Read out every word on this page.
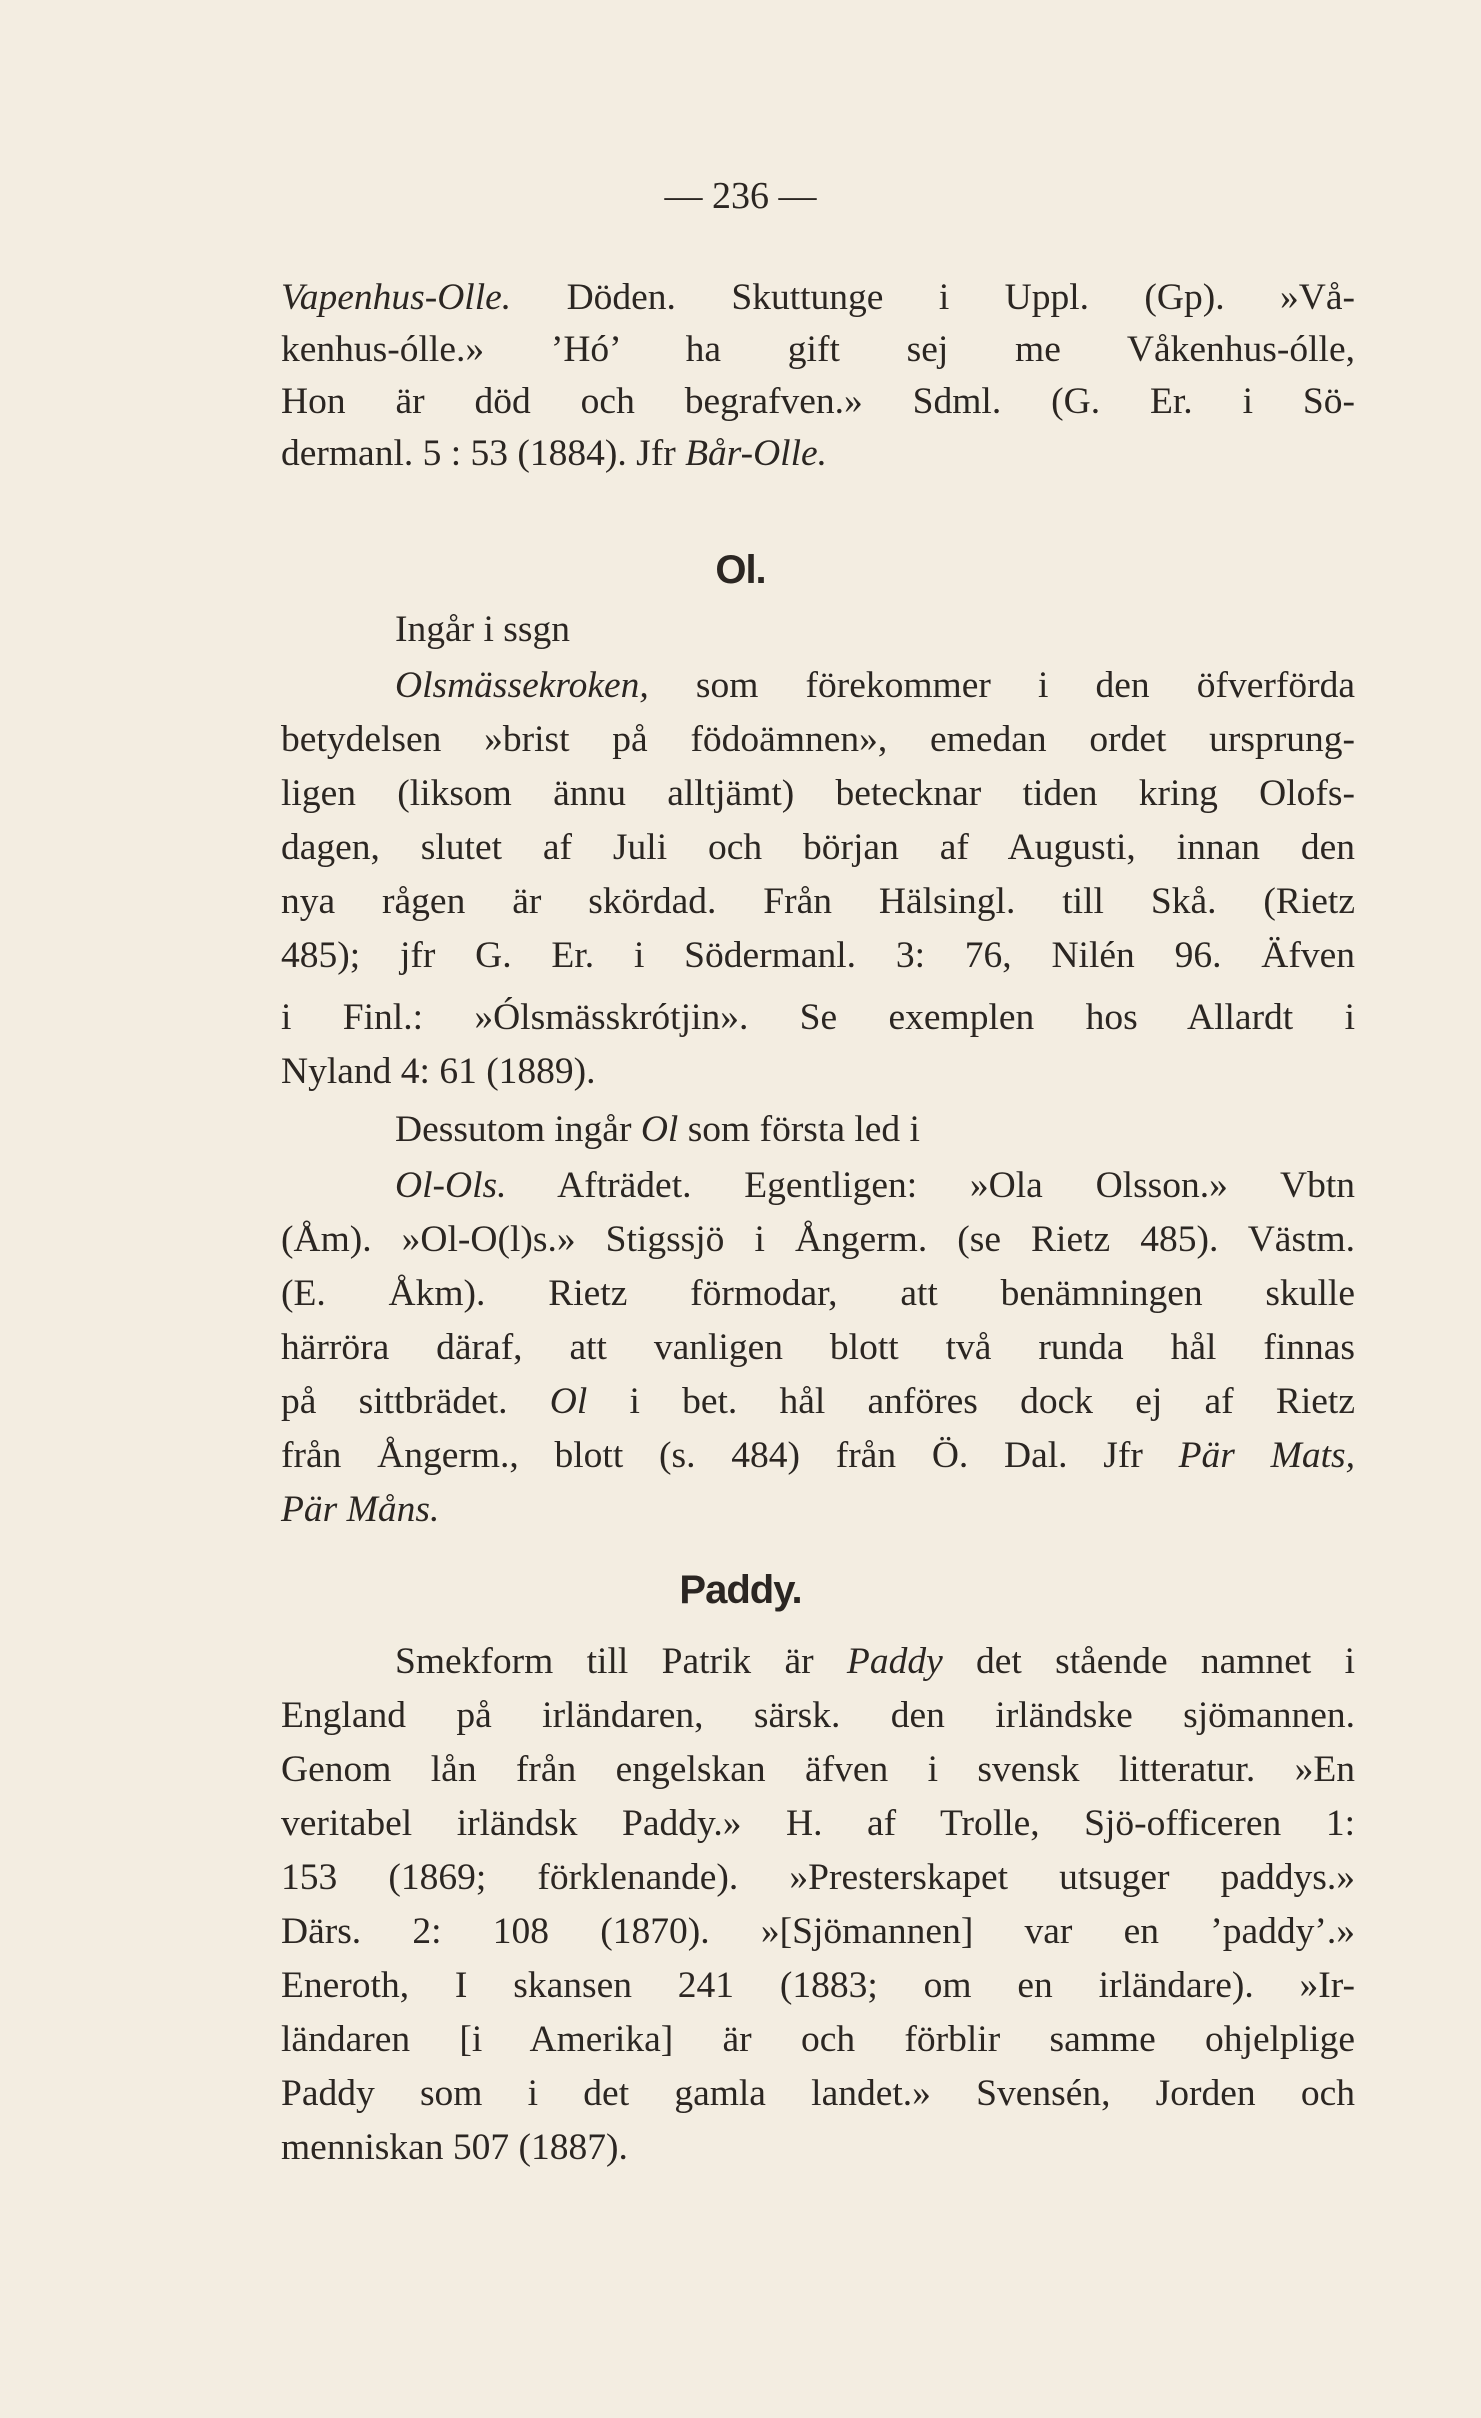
— 236 —
Vapenhus-Olle. Döden. Skuttunge i Uppl. (Gp). »Vå-
kenhus-ólle.» ’Hó’ ha gift sej me Våkenhus-ólle,
Hon är död och begrafven.» Sdml. (G. Er. i Sö-
dermanl. 5 : 53 (1884). Jfr Bår-Olle.
Ol.
Ingår i ssgn
Olsmässekroken, som förekommer i den öfverförda
betydelsen »brist på födoämnen», emedan ordet ursprung-
ligen (liksom ännu alltjämt) betecknar tiden kring Olofs-
dagen, slutet af Juli och början af Augusti, innan den
nya rågen är skördad. Från Hälsingl. till Skå. (Rietz
485); jfr G. Er. i Södermanl. 3: 76, Nilén 96. Äfven
i Finl.: »Ólsmässkrótjin». Se exemplen hos Allardt i
Nyland 4: 61 (1889).
Dessutom ingår Ol som första led i
Ol-Ols. Afträdet. Egentligen: »Ola Olsson.» Vbtn
(Åm). »Ol-O(l)s.» Stigssjö i Ångerm. (se Rietz 485). Västm.
(E. Åkm). Rietz förmodar, att benämningen skulle
härröra däraf, att vanligen blott två runda hål finnas
på sittbrädet. Ol i bet. hål anföres dock ej af Rietz
från Ångerm., blott (s. 484) från Ö. Dal. Jfr Pär Mats,
Pär Måns.
Paddy.
Smekform till Patrik är Paddy det stående namnet i
England på irländaren, särsk. den irländske sjömannen.
Genom lån från engelskan äfven i svensk litteratur. »En
veritabel irländsk Paddy.» H. af Trolle, Sjö-officeren 1:
153 (1869; förklenande). »Presterskapet utsuger paddys.»
Därs. 2: 108 (1870). »[Sjömannen] var en ’paddy’.»
Eneroth, I skansen 241 (1883; om en irländare). »Ir-
ländaren [i Amerika] är och förblir samme ohjelplige
Paddy som i det gamla landet.» Svensén, Jorden och
menniskan 507 (1887).
